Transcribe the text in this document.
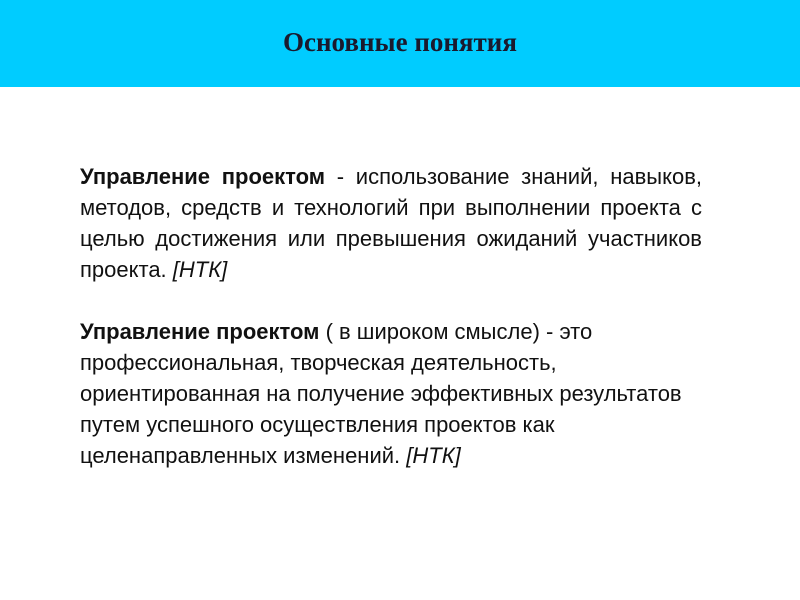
Основные понятия

Управление проектом - использование знаний, навыков, методов, средств и технологий при выполнении проекта с целью достижения или превышения ожиданий участников проекта. [НТК]

Управление проектом ( в широком смысле) - это профессиональная, творческая деятельность, ориентированная на получение эффективных результатов путем успешного осуществления проектов как целенаправленных изменений. [НТК]
